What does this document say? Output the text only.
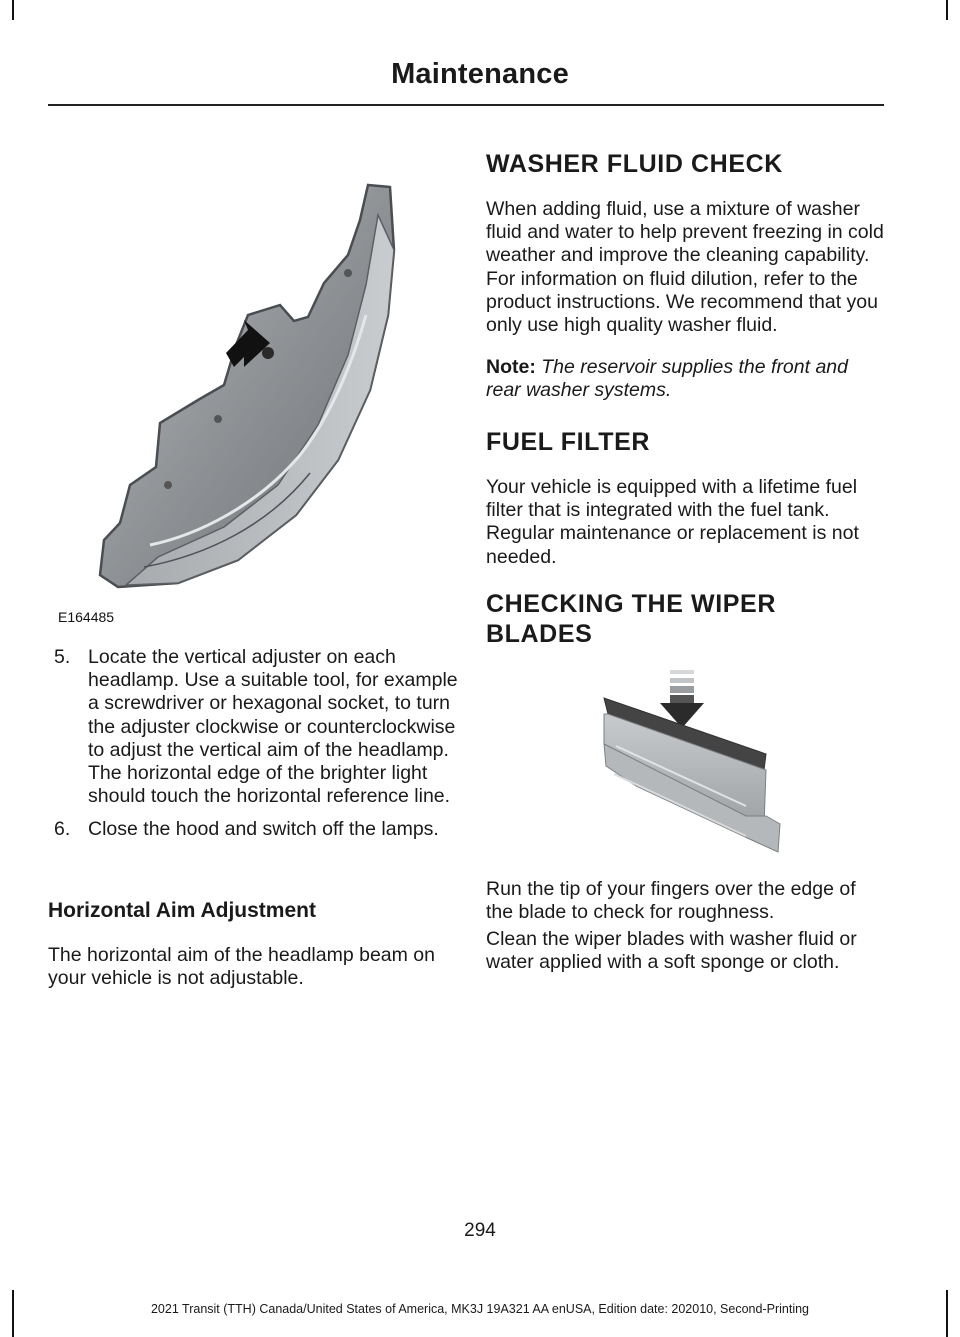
Maintenance
E164485
5. Locate the vertical adjuster on each headlamp. Use a suitable tool, for example a screwdriver or hexagonal socket, to turn the adjuster clockwise or counterclockwise to adjust the vertical aim of the headlamp. The horizontal edge of the brighter light should touch the horizontal reference line.
6. Close the hood and switch off the lamps.
Horizontal Aim Adjustment

The horizontal aim of the headlamp beam on your vehicle is not adjustable.

WASHER FLUID CHECK

When adding fluid, use a mixture of washer fluid and water to help prevent freezing in cold weather and improve the cleaning capability. For information on fluid dilution, refer to the product instructions. We recommend that you only use high quality washer fluid.

Note: The reservoir supplies the front and rear washer systems.

FUEL FILTER

Your vehicle is equipped with a lifetime fuel filter that is integrated with the fuel tank. Regular maintenance or replacement is not needed.

CHECKING THE WIPER
BLADES

Run the tip of your fingers over the edge of the blade to check for roughness.

Clean the wiper blades with washer fluid or water applied with a soft sponge or cloth.

294
2021 Transit (TTH) Canada/United States of America, MK3J 19A321 AA enUSA, Edition date: 202010, Second-Printing
